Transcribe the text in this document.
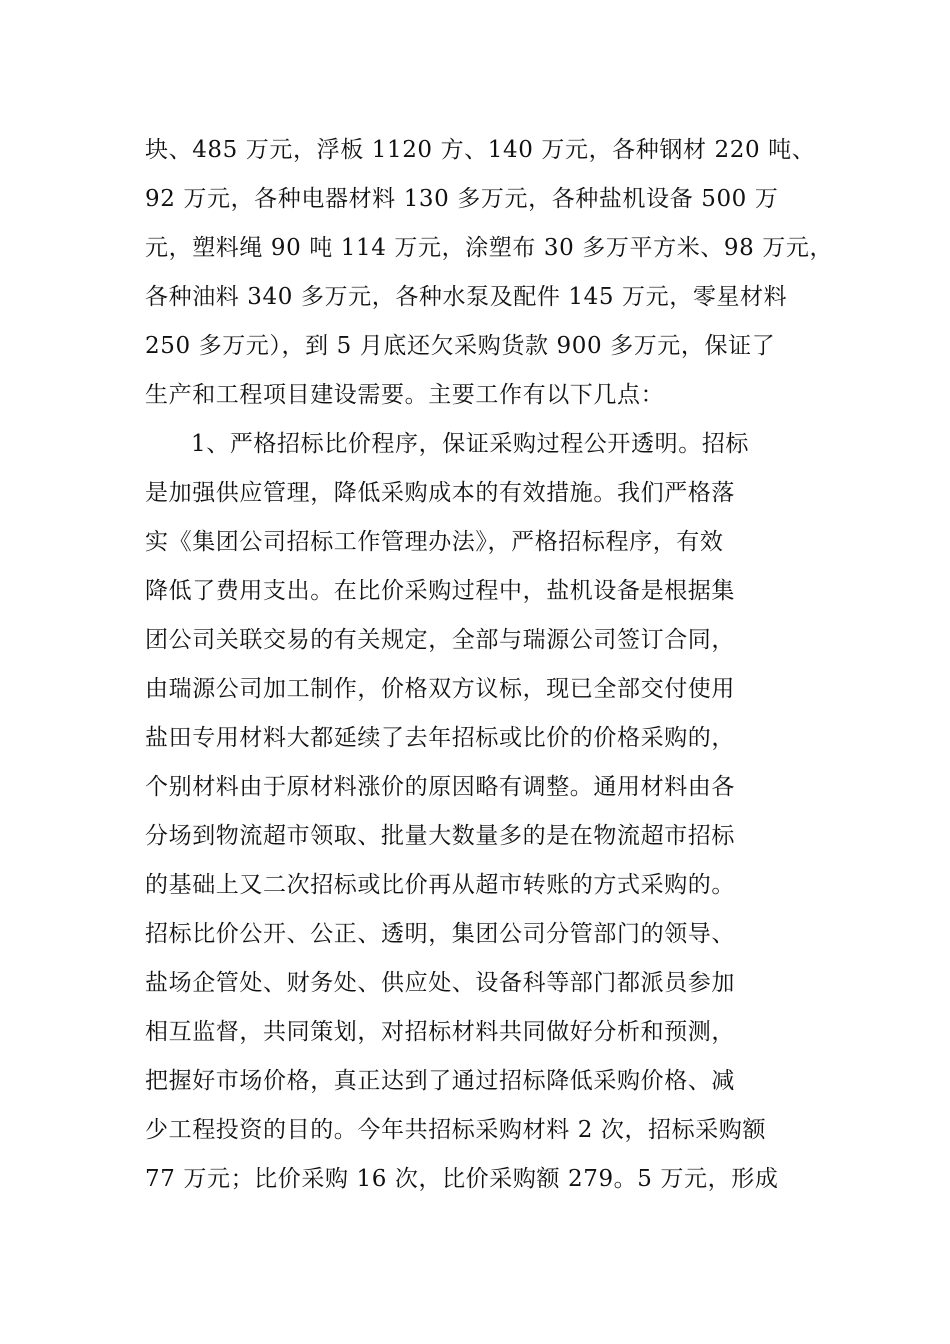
块、485 万元，浮板 1120 方、140 万元，各种钢材 220 吨、
92 万元，各种电器材料 130 多万元，各种盐机设备 500 万
元，塑料绳 90 吨 114 万元，涂塑布 30 多万平方米、98 万元，
各种油料 340 多万元，各种水泵及配件 145 万元，零星材料
250 多万元），到 5 月底还欠采购货款 900 多万元，保证了
生产和工程项目建设需要。主要工作有以下几点：
1、严格招标比价程序，保证采购过程公开透明。招标
是加强供应管理，降低采购成本的有效措施。我们严格落
实《集团公司招标工作管理办法》，严格招标程序，有效
降低了费用支出。在比价采购过程中，盐机设备是根据集
团公司关联交易的有关规定，全部与瑞源公司签订合同，
由瑞源公司加工制作，价格双方议标，现已全部交付使用
盐田专用材料大都延续了去年招标或比价的价格采购的，
个别材料由于原材料涨价的原因略有调整。通用材料由各
分场到物流超市领取、批量大数量多的是在物流超市招标
的基础上又二次招标或比价再从超市转账的方式采购的。
招标比价公开、公正、透明，集团公司分管部门的领导、
盐场企管处、财务处、供应处、设备科等部门都派员参加
相互监督，共同策划，对招标材料共同做好分析和预测，
把握好市场价格，真正达到了通过招标降低采购价格、减
少工程投资的目的。今年共招标采购材料 2 次，招标采购额
77 万元；比价采购 16 次，比价采购额 279。5 万元，形成
